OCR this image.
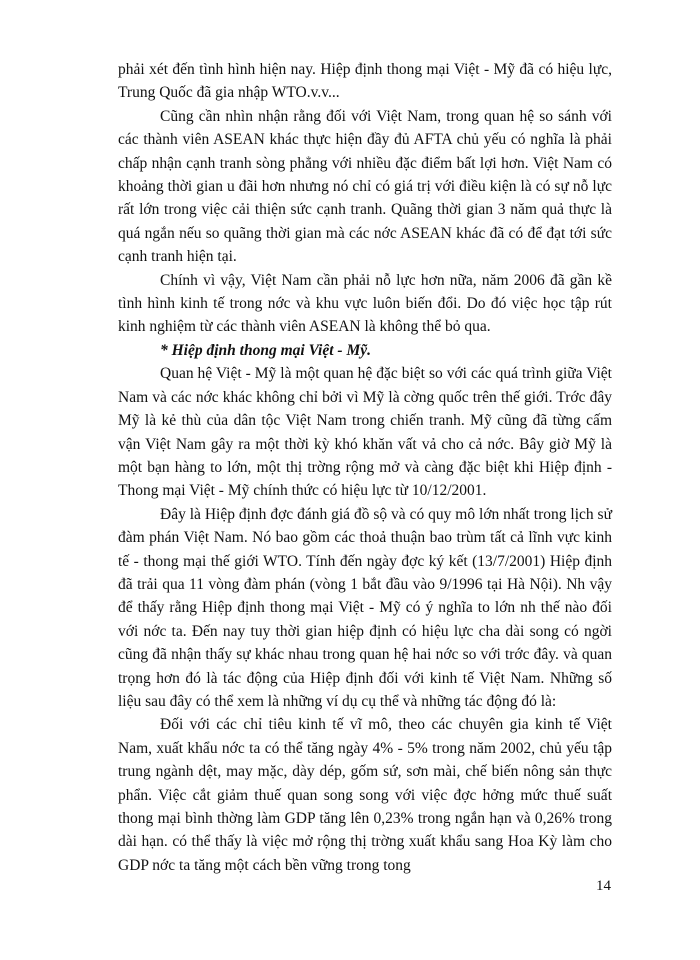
phải xét đến tình hình hiện nay. Hiệp định thong mại Việt - Mỹ đã có hiệu lực, Trung Quốc đã gia nhập WTO.v.v...

Cũng cần nhìn nhận rằng đối với Việt Nam, trong quan hệ so sánh với các thành viên ASEAN khác thực hiện đầy đủ AFTA chủ yếu có nghĩa là phải chấp nhận cạnh tranh sòng phẳng với nhiều đặc điểm bất lợi hơn. Việt Nam có khoảng thời gian u đãi hơn nhưng nó chỉ có giá trị với điều kiện là có sự nỗ lực rất lớn trong việc cải thiện sức cạnh tranh. Quãng thời gian 3 năm quả thực là quá ngắn nếu so quãng thời gian mà các nớc ASEAN khác đã có để đạt tới sức cạnh tranh hiện tại.

Chính vì vậy, Việt Nam cần phải nỗ lực hơn nữa, năm 2006 đã gần kề tình hình kinh tế trong nớc và khu vực luôn biến đổi. Do đó việc học tập rút kinh nghiệm từ các thành viên ASEAN là không thể bỏ qua.

* Hiệp định thong mại Việt - Mỹ.

Quan hệ Việt - Mỹ là một quan hệ đặc biệt so với các quá trình giữa Việt Nam và các nớc khác không chỉ bởi vì Mỹ là cờng quốc trên thế giới. Trớc đây Mỹ là kẻ thù của dân tộc Việt Nam trong chiến tranh. Mỹ cũng đã từng cấm vận Việt Nam gây ra một thời kỳ khó khăn vất vả cho cả nớc. Bây giờ Mỹ là một bạn hàng to lớn, một thị trờng rộng mở và càng đặc biệt khi Hiệp định - Thong mại Việt - Mỹ chính thức có hiệu lực từ 10/12/2001.

Đây là Hiệp định đợc đánh giá đồ sộ và có quy mô lớn nhất trong lịch sử đàm phán Việt Nam. Nó bao gồm các thoả thuận bao trùm tất cả lĩnh vực kinh tế - thong mại thế giới WTO. Tính đến ngày đợc ký kết (13/7/2001) Hiệp định đã trải qua 11 vòng đàm phán (vòng 1 bắt đầu vào 9/1996 tại Hà Nội). Nh vậy để thấy rằng Hiệp định thong mại Việt - Mỹ có ý nghĩa to lớn nh thế nào đối với nớc ta. Đến nay tuy thời gian hiệp định có hiệu lực cha dài song có ngời cũng đã nhận thấy sự khác nhau trong quan hệ hai nớc so với trớc đây. và quan trọng hơn đó là tác động của Hiệp định đối với kinh tế Việt Nam. Những số liệu sau đây có thể xem là những ví dụ cụ thể và những tác động đó là:

Đối với các chỉ tiêu kinh tế vĩ mô, theo các chuyên gia kinh tế Việt Nam, xuất khẩu nớc ta có thể tăng ngày 4% - 5% trong năm 2002, chủ yếu tập trung ngành dệt, may mặc, dày dép, gốm sứ, sơn mài, chế biến nông sản thực phẩn. Việc cắt giảm thuế quan song song với việc đợc hởng mức thuế suất thong mại bình thờng làm GDP tăng lên 0,23% trong ngắn hạn và 0,26% trong dài hạn. có thể thấy là việc mở rộng thị trờng xuất khẩu sang Hoa Kỳ làm cho GDP nớc ta tăng một cách bền vững trong tong

14
